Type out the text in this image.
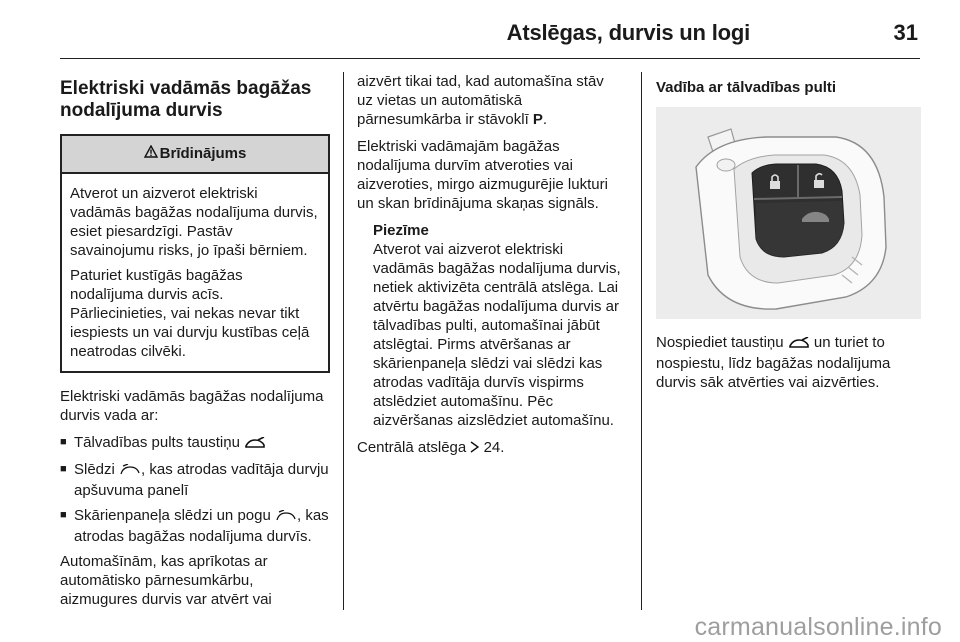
Atslēgas, durvis un logi	31
Elektriski vadāmās bagāžas nodalījuma durvis
Brīdinājums

Atverot un aizverot elektriski vadāmās bagāžas nodalījuma durvis, esiet piesardzīgi. Pastāv savainojumu risks, jo īpaši bērniem.

Paturiet kustīgās bagāžas nodalījuma durvis acīs. Pārliecinieties, vai nekas nevar tikt iespiests un vai durvju kustības ceļā neatrodas cilvēki.

Elektriski vadāmās bagāžas nodalījuma durvis vada ar:

■ Tālvadības pults taustiņu
■ Slēdzi , kas atrodas vadītāja durvju apšuvuma panelī
■ Skārienpaneļa slēdzi un pogu , kas atrodas bagāžas nodalījuma durvīs.

Automašīnām, kas aprīkotas ar automātisko pārnesumkārbu, aizmugures durvis var atvērt vai

aizvērt tikai tad, kad automašīna stāv uz vietas un automātiskā pārnesumkārba ir stāvoklī P.

Elektriski vadāmajām bagāžas nodalījuma durvīm atveroties vai aizveroties, mirgo aizmugurējie lukturi un skan brīdinājuma skaņas signāls.

Piezīme
Atverot vai aizverot elektriski vadāmās bagāžas nodalījuma durvis, netiek aktivizēta centrālā atslēga. Lai atvērtu bagāžas nodalījuma durvis ar tālvadības pulti, automašīnai jābūt atslēgtai. Pirms atvēršanas ar skārienpaneļa slēdzi vai slēdzi kas atrodas vadītāja durvīs vispirms atslēdziet automašīnu. Pēc aizvēršanas aizslēdziet automašīnu.

Centrālā atslēga  24.

Vadība ar tālvadības pulti

Nospiediet taustiņu  un turiet to nospiestu, līdz bagāžas nodalījuma durvis sāk atvērties vai aizvērties.

carmanualsonline.info
